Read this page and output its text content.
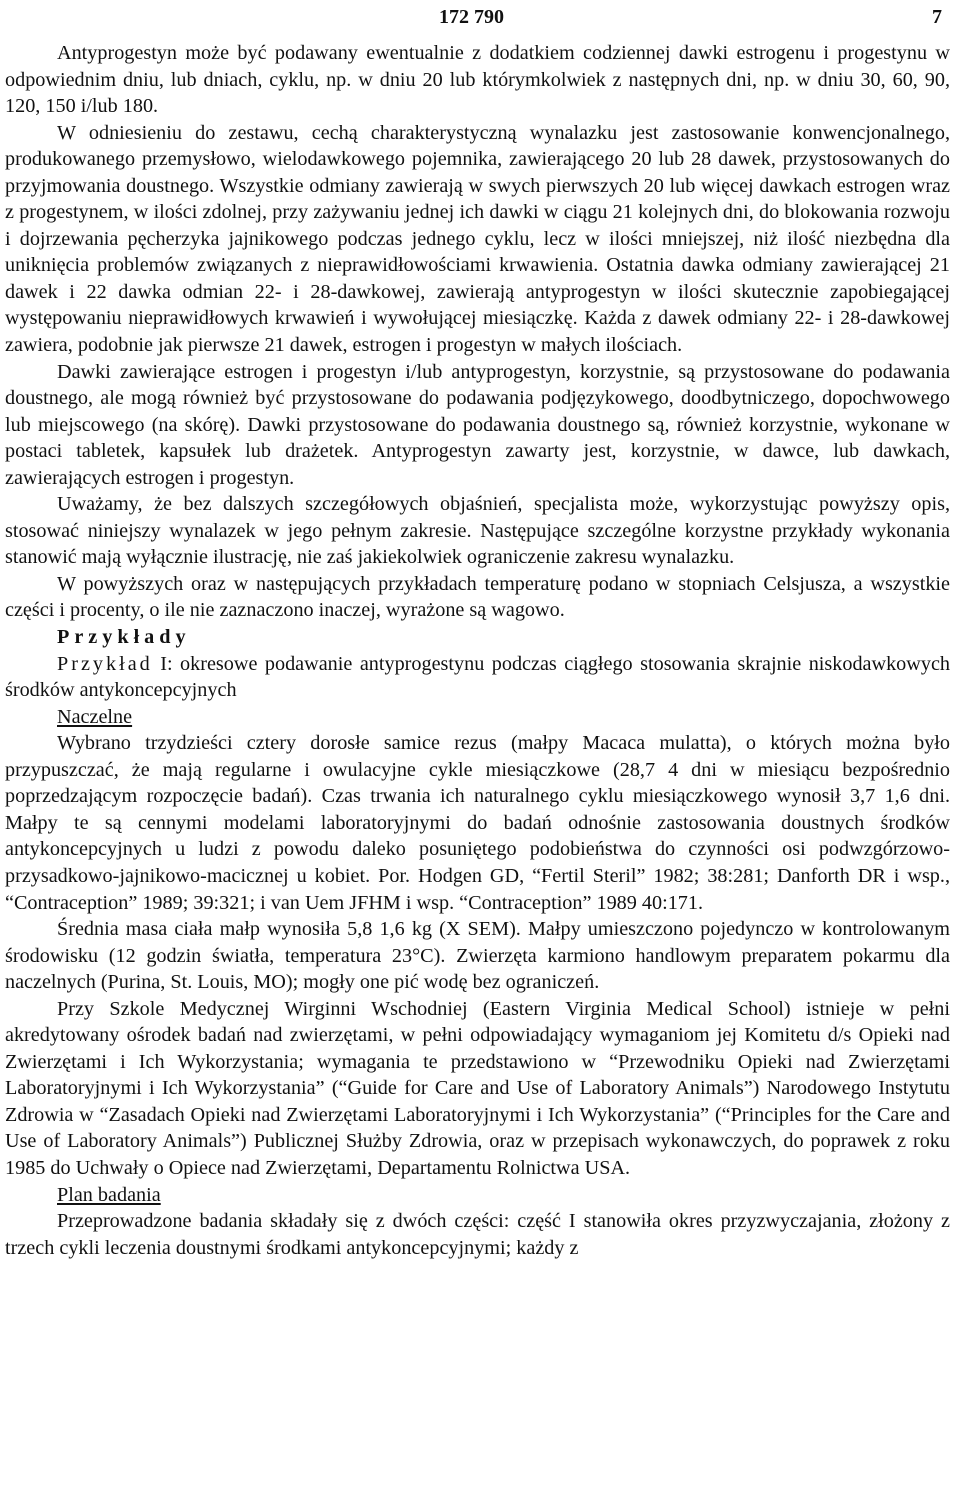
172 790	7

Antyprogestyn może być podawany ewentualnie z dodatkiem codziennej dawki estrogenu i progestynu w odpowiednim dniu, lub dniach, cyklu, np. w dniu 20 lub którymkolwiek z następnych dni, np. w dniu 30, 60, 90, 120, 150 i/lub 180.

W odniesieniu do zestawu, cechą charakterystyczną wynalazku jest zastosowanie konwencjonalnego, produkowanego przemysłowo, wielodawkowego pojemnika, zawierającego 20 lub 28 dawek, przystosowanych do przyjmowania doustnego. Wszystkie odmiany zawierają w swych pierwszych 20 lub więcej dawkach estrogen wraz z progestynem, w ilości zdolnej, przy zażywaniu jednej ich dawki w ciągu 21 kolejnych dni, do blokowania rozwoju i dojrzewania pęcherzyka jajnikowego podczas jednego cyklu, lecz w ilości mniejszej, niż ilość niezbędna dla uniknięcia problemów związanych z nieprawidłowościami krwawienia. Ostatnia dawka odmiany zawierającej 21 dawek i 22 dawka odmian 22- i 28-dawkowej, zawierają antyprogestyn w ilości skutecznie zapobiegającej występowaniu nieprawidłowych krwawień i wywołującej miesiączkę. Każda z dawek odmiany 22- i 28-dawkowej zawiera, podobnie jak pierwsze 21 dawek, estrogen i progestyn w małych ilościach.

Dawki zawierające estrogen i progestyn i/lub antyprogestyn, korzystnie, są przystosowane do podawania doustnego, ale mogą również być przystosowane do podawania podjęzykowego, doodbytniczego, dopochwowego lub miejscowego (na skórę). Dawki przystosowane do podawania doustnego są, również korzystnie, wykonane w postaci tabletek, kapsułek lub drażetek. Antyprogestyn zawarty jest, korzystnie, w dawce, lub dawkach, zawierających estrogen i progestyn.

Uważamy, że bez dalszych szczegółowych objaśnień, specjalista może, wykorzystując powyższy opis, stosować niniejszy wynalazek w jego pełnym zakresie. Następujące szczególne korzystne przykłady wykonania stanowić mają wyłącznie ilustrację, nie zaś jakiekolwiek ograniczenie zakresu wynalazku.

W powyższych oraz w następujących przykładach temperaturę podano w stopniach Celsjusza, a wszystkie części i procenty, o ile nie zaznaczono inaczej, wyrażone są wagowo.

Przykłady

Przykład I: okresowe podawanie antyprogestynu podczas ciągłego stosowania skrajnie niskodawkowych środków antykoncepcyjnych

Naczelne

Wybrano trzydzieści cztery dorosłe samice rezus (małpy Macaca mulatta), o których można było przypuszczać, że mają regularne i owulacyjne cykle miesiączkowe (28,7 4 dni w miesiącu bezpośrednio poprzedzającym rozpoczęcie badań). Czas trwania ich naturalnego cyklu miesiączkowego wynosił 3,7 1,6 dni. Małpy te są cennymi modelami laboratoryjnymi do badań odnośnie zastosowania doustnych środków antykoncepcyjnych u ludzi z powodu daleko posuniętego podobieństwa do czynności osi podwzgórzowo-przysadkowo-jajnikowo-macicznej u kobiet. Por. Hodgen GD, “Fertil Steril” 1982; 38:281; Danforth DR i wsp., “Contraception” 1989; 39:321; i van Uem JFHM i wsp. “Contraception” 1989 40:171.

Średnia masa ciała małp wynosiła 5,8 1,6 kg (X SEM). Małpy umieszczono pojedynczo w kontrolowanym środowisku (12 godzin światła, temperatura 23°C). Zwierzęta karmiono handlowym preparatem pokarmu dla naczelnych (Purina, St. Louis, MO); mogły one pić wodę bez ograniczeń.

Przy Szkole Medycznej Wirginni Wschodniej (Eastern Virginia Medical School) istnieje w pełni akredytowany ośrodek badań nad zwierzętami, w pełni odpowiadający wymaganiom jej Komitetu d/s Opieki nad Zwierzętami i Ich Wykorzystania; wymagania te przedstawiono w “Przewodniku Opieki nad Zwierzętami Laboratoryjnymi i Ich Wykorzystania” (“Guide for Care and Use of Laboratory Animals”) Narodowego Instytutu Zdrowia w “Zasadach Opieki nad Zwierzętami Laboratoryjnymi i Ich Wykorzystania” (“Principles for the Care and Use of Laboratory Animals”) Publicznej Służby Zdrowia, oraz w przepisach wykonawczych, do poprawek z roku 1985 do Uchwały o Opiece nad Zwierzętami, Departamentu Rolnictwa USA.

Plan badania

Przeprowadzone badania składały się z dwóch części: część I stanowiła okres przyzwyczajania, złożony z trzech cykli leczenia doustnymi środkami antykoncepcyjnymi; każdy z
